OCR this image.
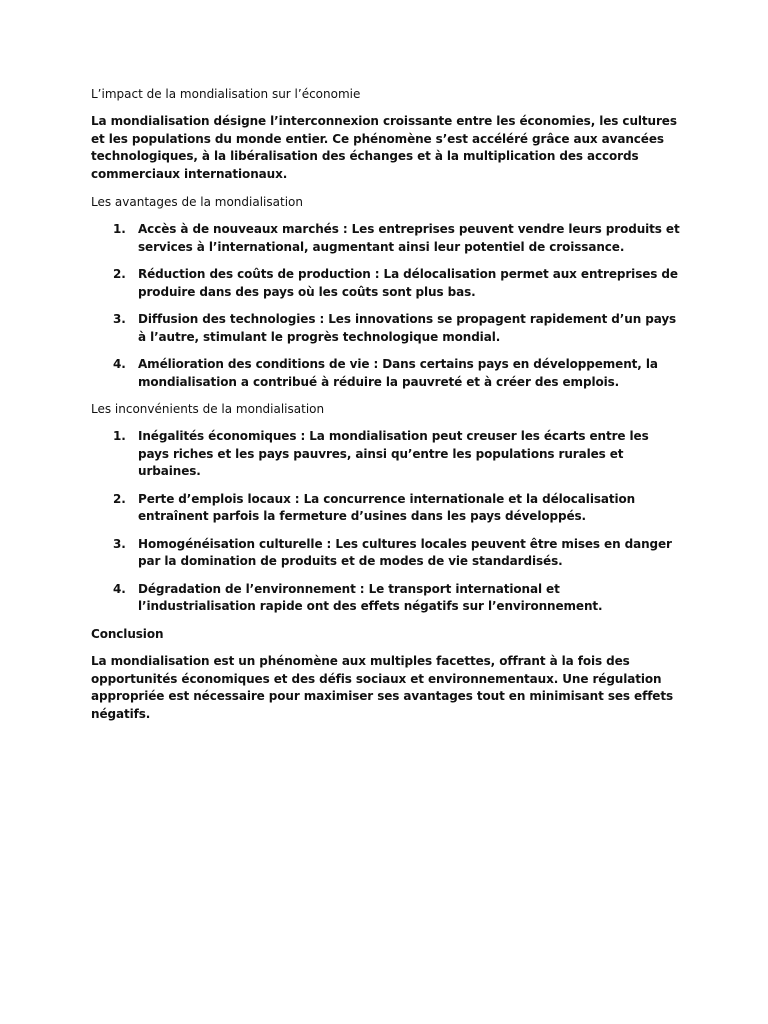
L’impact de la mondialisation sur l’économie

La mondialisation désigne l’interconnexion croissante entre les économies, les cultures et les populations du monde entier. Ce phénomène s’est accéléré grâce aux avancées technologiques, à la libéralisation des échanges et à la multiplication des accords commerciaux internationaux.

Les avantages de la mondialisation

1. Accès à de nouveaux marchés : Les entreprises peuvent vendre leurs produits et services à l’international, augmentant ainsi leur potentiel de croissance.
2. Réduction des coûts de production : La délocalisation permet aux entreprises de produire dans des pays où les coûts sont plus bas.
3. Diffusion des technologies : Les innovations se propagent rapidement d’un pays à l’autre, stimulant le progrès technologique mondial.
4. Amélioration des conditions de vie : Dans certains pays en développement, la mondialisation a contribué à réduire la pauvreté et à créer des emplois.

Les inconvénients de la mondialisation

1. Inégalités économiques : La mondialisation peut creuser les écarts entre les pays riches et les pays pauvres, ainsi qu’entre les populations rurales et urbaines.
2. Perte d’emplois locaux : La concurrence internationale et la délocalisation entraînent parfois la fermeture d’usines dans les pays développés.
3. Homogénéisation culturelle : Les cultures locales peuvent être mises en danger par la domination de produits et de modes de vie standardisés.
4. Dégradation de l’environnement : Le transport international et l’industrialisation rapide ont des effets négatifs sur l’environnement.

Conclusion

La mondialisation est un phénomène aux multiples facettes, offrant à la fois des opportunités économiques et des défis sociaux et environnementaux. Une régulation appropriée est nécessaire pour maximiser ses avantages tout en minimisant ses effets négatifs.
